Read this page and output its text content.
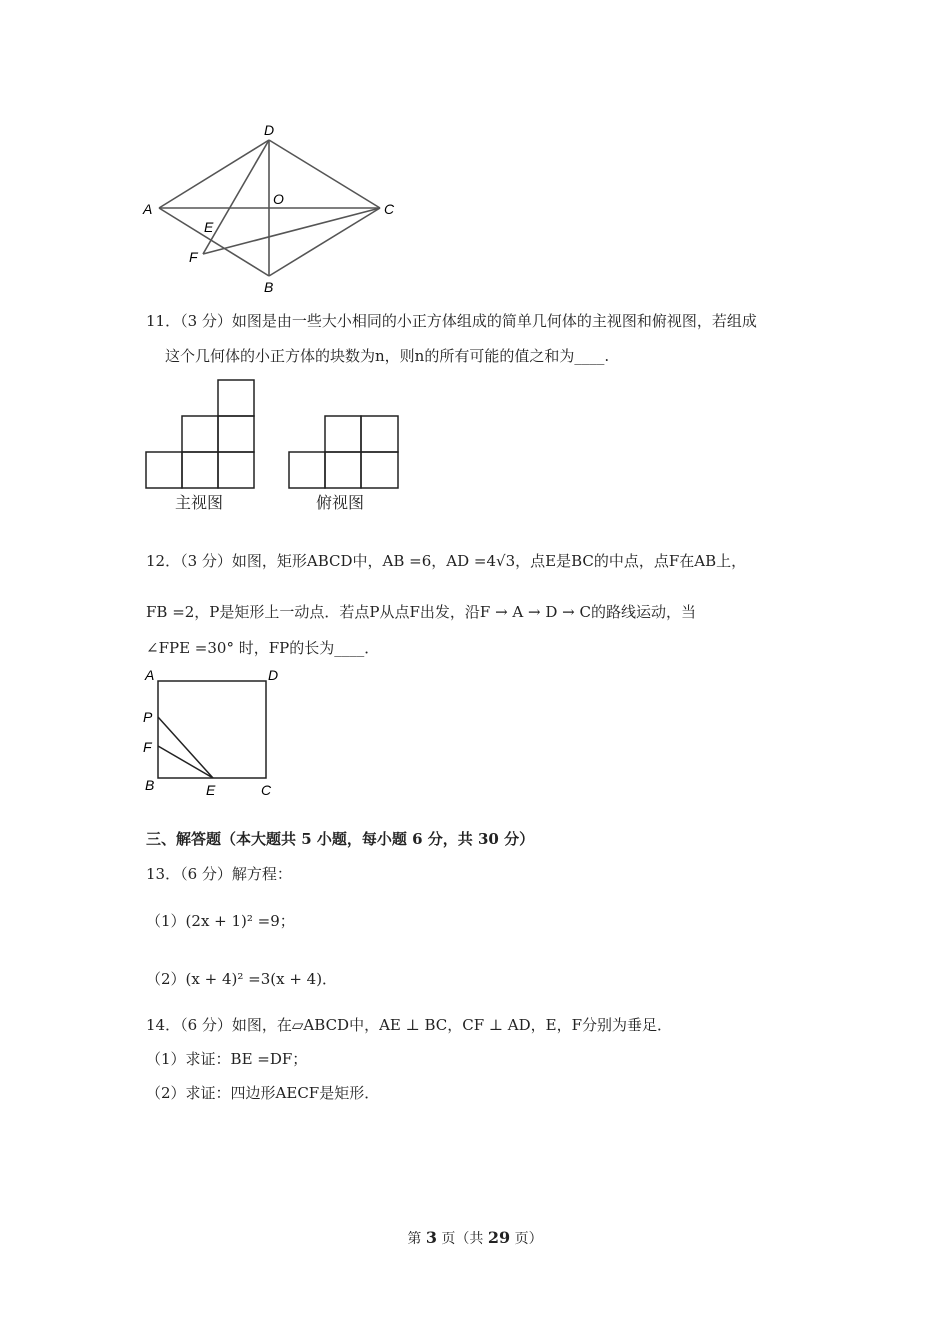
D
A
O
C
E
F
B
11．（3 分）如图是由一些大小相同的小正方体组成的简单几何体的主视图和俯视图，若组成
这个几何体的小正方体的块数为n，则n的所有可能的值之和为____.
主视图	俯视图
12．（3 分）如图，矩形ABCD中，AB =6，AD =4√3，点E是BC的中点，点F在AB上，
FB =2，P是矩形上一动点．若点P从点F出发，沿F → A → D → C的路线运动，当
∠FPE =30° 时，FP的长为____．
A	D
P
F
B	E	C
三、解答题（本大题共 5 小题，每小题 6 分，共 30 分）
13．（6 分）解方程：
（1）(2x + 1)² =9；
（2）(x + 4)² =3(x + 4)．
14．（6 分）如图，在▱ABCD中，AE ⊥ BC，CF ⊥ AD，E，F分别为垂足．
（1）求证：BE =DF；
（2）求证：四边形AECF是矩形．
第 3 页（共 29 页）
